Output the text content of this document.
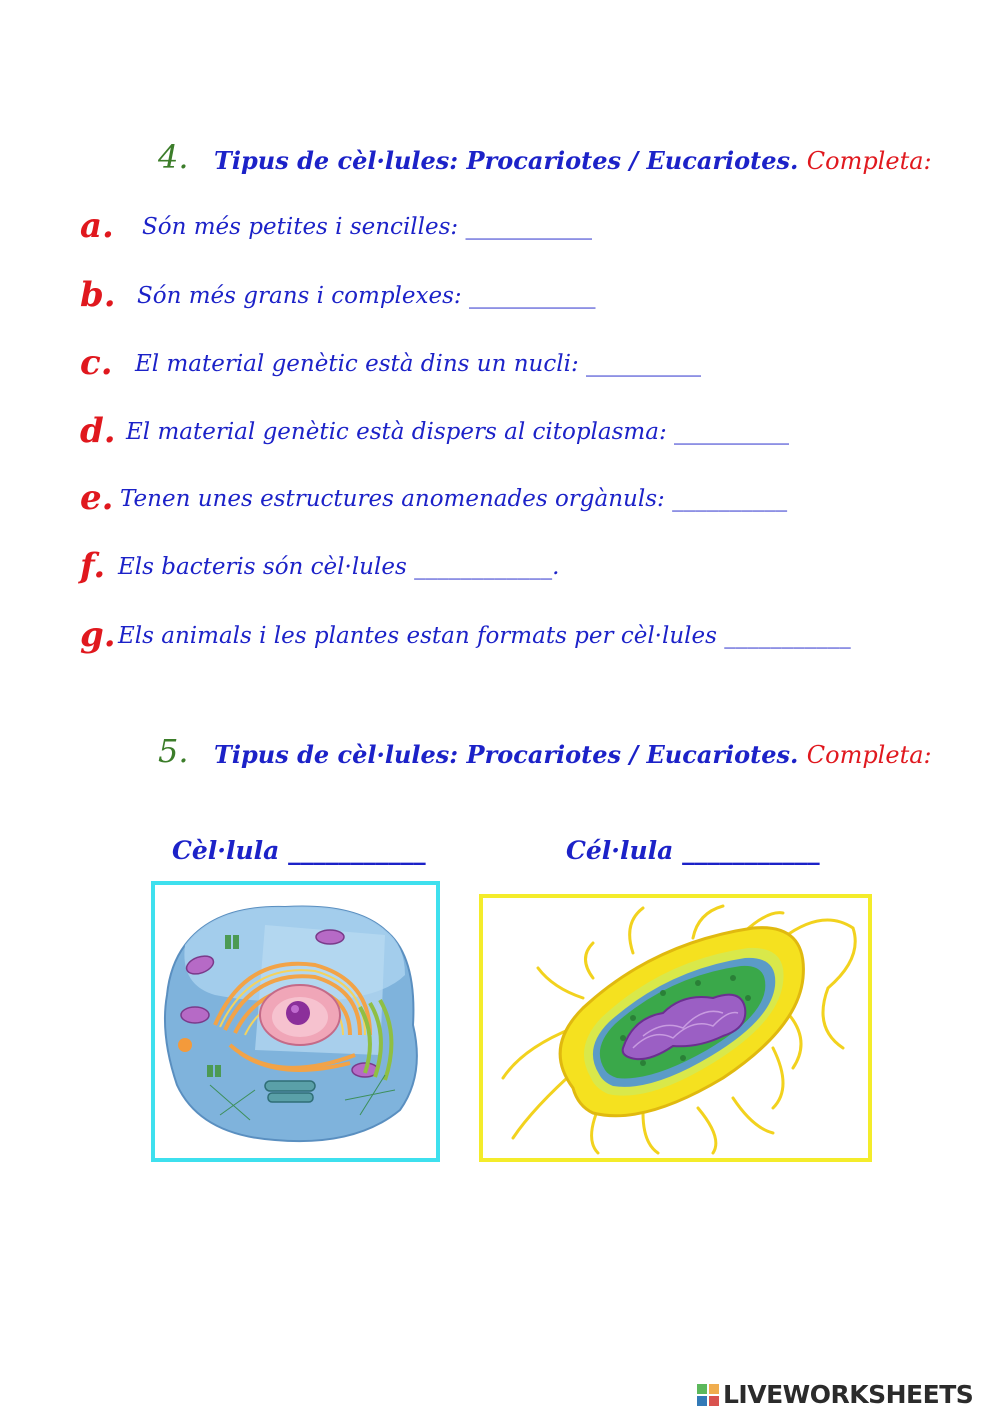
4. Tipus de cèl·lules: Procariotes / Eucariotes. Completa:
a. Són més petites i sencilles: ___________
b. Són més grans i complexes: ___________
c. El material genètic està dins un nucli: __________
d. El material genètic està dispers al citoplasma: __________
e. Tenen unes estructures anomenades orgànuls: __________
f. Els bacteris són cèl·lules ____________.
g. Els animals i les plantes estan formats per cèl·lules ___________
5. Tipus de cèl·lules: Procariotes / Eucariotes. Completa:
Cèl·lula ___________	Cél·lula ___________
LIVEWORKSHEETS
